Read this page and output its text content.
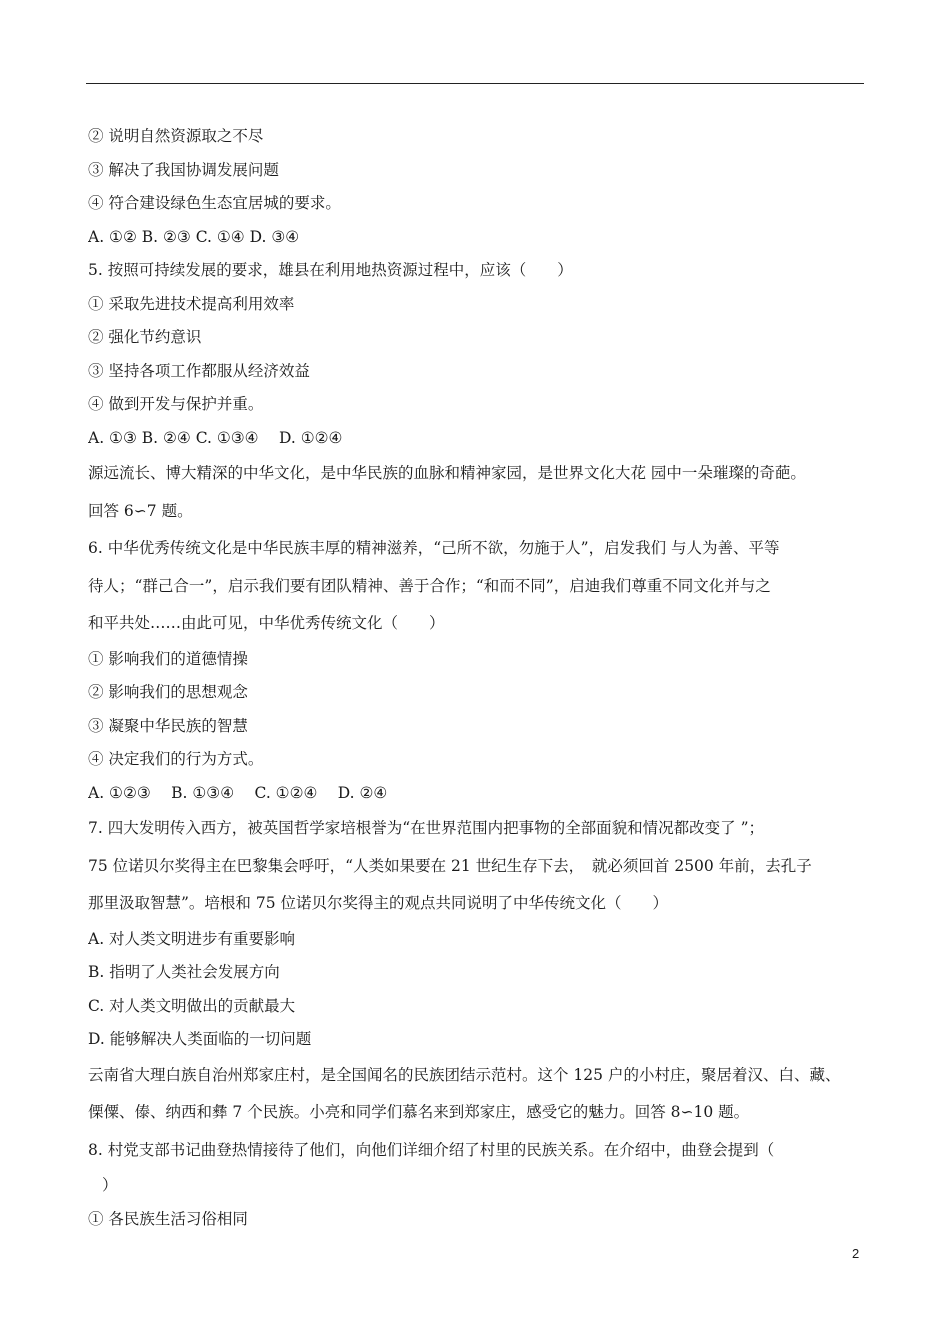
② 说明自然资源取之不尽
③ 解决了我国协调发展问题
④ 符合建设绿色生态宜居城的要求。
A. ①② B. ②③ C. ①④ D. ③④
5. 按照可持续发展的要求，雄县在利用地热资源过程中，应该（　　）
① 采取先进技术提高利用效率
② 强化节约意识
③ 坚持各项工作都服从经济效益
④ 做到开发与保护并重。
A. ①③ B. ②④ C. ①③④　 D. ①②④
源远流长、博大精深的中华文化，是中华民族的血脉和精神家园，是世界文化大花 园中一朵璀璨的奇葩。
回答 6∽7 题。
6. 中华优秀传统文化是中华民族丰厚的精神滋养，“己所不欲，勿施于人”，启发我们 与人为善、平等
待人；“群己合一”，启示我们要有团队精神、善于合作；“和而不同”，启迪我们尊重不同文化并与之
和平共处……由此可见，中华优秀传统文化（　　）
① 影响我们的道德情操
② 影响我们的思想观念
③ 凝聚中华民族的智慧
④ 决定我们的行为方式。
A. ①②③　 B. ①③④　 C. ①②④　 D. ②④
7. 四大发明传入西方，被英国哲学家培根誉为“在世界范围内把事物的全部面貌和情况都改变了 ”；
75 位诺贝尔奖得主在巴黎集会呼吁，“人类如果要在 21 世纪生存下去，　就必须回首 2500 年前，去孔子
那里汲取智慧”。培根和 75 位诺贝尔奖得主的观点共同说明了中华传统文化（　　）
A. 对人类文明进步有重要影响
B. 指明了人类社会发展方向
C. 对人类文明做出的贡献最大
D. 能够解决人类面临的一切问题
云南省大理白族自治州郑家庄村，是全国闻名的民族团结示范村。这个 125 户的小村庄，聚居着汉、白、藏、
傈僳、傣、纳西和彝 7 个民族。小亮和同学们慕名来到郑家庄，感受它的魅力。回答 8∽10 题。
8. 村党支部书记曲登热情接待了他们，向他们详细介绍了村里的民族关系。在介绍中，曲登会提到（
）
① 各民族生活习俗相同
2
